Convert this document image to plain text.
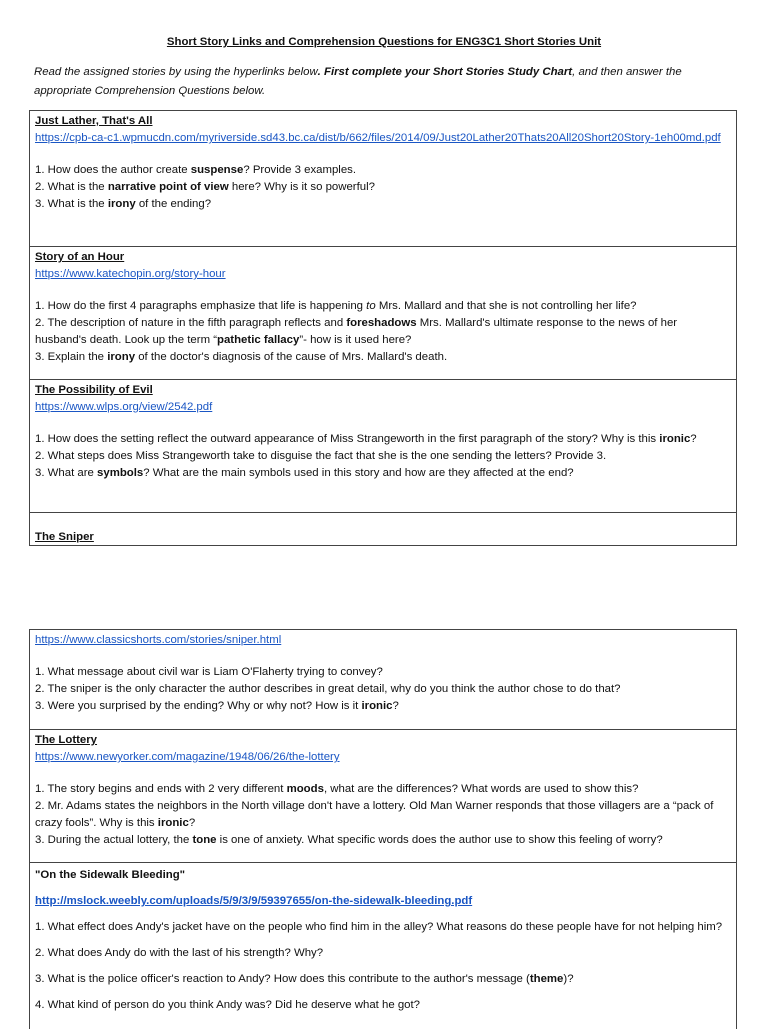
Short Story Links and Comprehension Questions for ENG3C1 Short Stories Unit
Read the assigned stories by using the hyperlinks below. First complete your Short Stories Study Chart, and then answer the appropriate Comprehension Questions below.
Just Lather, That's All
https://cpb-ca-c1.wpmucdn.com/myriverside.sd43.bc.ca/dist/b/662/files/2014/09/Just20Lather20Thats20All20Short20Story-1eh00md.pdf
1. How does the author create suspense? Provide 3 examples.
2. What is the narrative point of view here? Why is it so powerful?
3. What is the irony of the ending?
Story of an Hour
https://www.katechopin.org/story-hour
1. How do the first 4 paragraphs emphasize that life is happening to Mrs. Mallard and that she is not controlling her life?
2. The description of nature in the fifth paragraph reflects and foreshadows Mrs. Mallard's ultimate response to the news of her husband's death. Look up the term “pathetic fallacy”- how is it used here?
3. Explain the irony of the doctor's diagnosis of the cause of Mrs. Mallard's death.
The Possibility of Evil
https://www.wlps.org/view/2542.pdf
1. How does the setting reflect the outward appearance of Miss Strangeworth in the first paragraph of the story? Why is this ironic?
2. What steps does Miss Strangeworth take to disguise the fact that she is the one sending the letters? Provide 3.
3. What are symbols? What are the main symbols used in this story and how are they affected at the end?
The Sniper
https://www.classicshorts.com/stories/sniper.html
1. What message about civil war is Liam O'Flaherty trying to convey?
2. The sniper is the only character the author describes in great detail, why do you think the author chose to do that?
3. Were you surprised by the ending? Why or why not? How is it ironic?
The Lottery
https://www.newyorker.com/magazine/1948/06/26/the-lottery
1. The story begins and ends with 2 very different moods, what are the differences? What words are used to show this?
2. Mr. Adams states the neighbors in the North village don't have a lottery. Old Man Warner responds that those villagers are a “pack of crazy fools”. Why is this ironic?
3. During the actual lottery, the tone is one of anxiety. What specific words does the author use to show this feeling of worry?
"On the Sidewalk Bleeding"
http://mslock.weebly.com/uploads/5/9/3/9/59397655/on-the-sidewalk-bleeding.pdf
1. What effect does Andy's jacket have on the people who find him in the alley? What reasons do these people have for not helping him?
2. What does Andy do with the last of his strength? Why?
3. What is the police officer's reaction to Andy? How does this contribute to the author's message (theme)?
4. What kind of person do you think Andy was? Did he deserve what he got?
